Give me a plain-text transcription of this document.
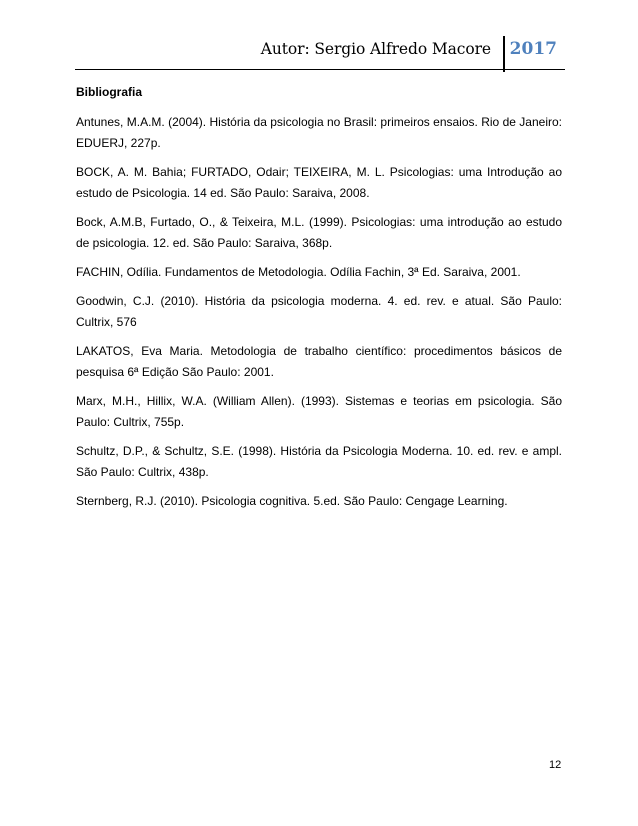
Autor: Sergio Alfredo Macore 2017

Bibliografia

Antunes, M.A.M. (2004). História da psicologia no Brasil: primeiros ensaios. Rio de Janeiro: EDUERJ, 227p.

BOCK, A. M. Bahia; FURTADO, Odair; TEIXEIRA, M. L. Psicologias: uma Introdução ao estudo de Psicologia. 14 ed. São Paulo: Saraiva, 2008.

Bock, A.M.B, Furtado, O., & Teixeira, M.L. (1999). Psicologias: uma introdução ao estudo de psicologia. 12. ed. São Paulo: Saraiva, 368p.

FACHIN, Odília. Fundamentos de Metodologia. Odília Fachin, 3ª Ed. Saraiva, 2001.

Goodwin, C.J. (2010). História da psicologia moderna. 4. ed. rev. e atual. São Paulo: Cultrix, 576

LAKATOS, Eva Maria. Metodologia de trabalho científico: procedimentos básicos de pesquisa 6ª Edição São Paulo: 2001.

Marx, M.H., Hillix, W.A. (William Allen). (1993). Sistemas e teorias em psicologia. São Paulo: Cultrix, 755p.

Schultz, D.P., & Schultz, S.E. (1998). História da Psicologia Moderna. 10. ed. rev. e ampl. São Paulo: Cultrix, 438p.

Sternberg, R.J. (2010). Psicologia cognitiva. 5.ed. São Paulo: Cengage Learning.

12
